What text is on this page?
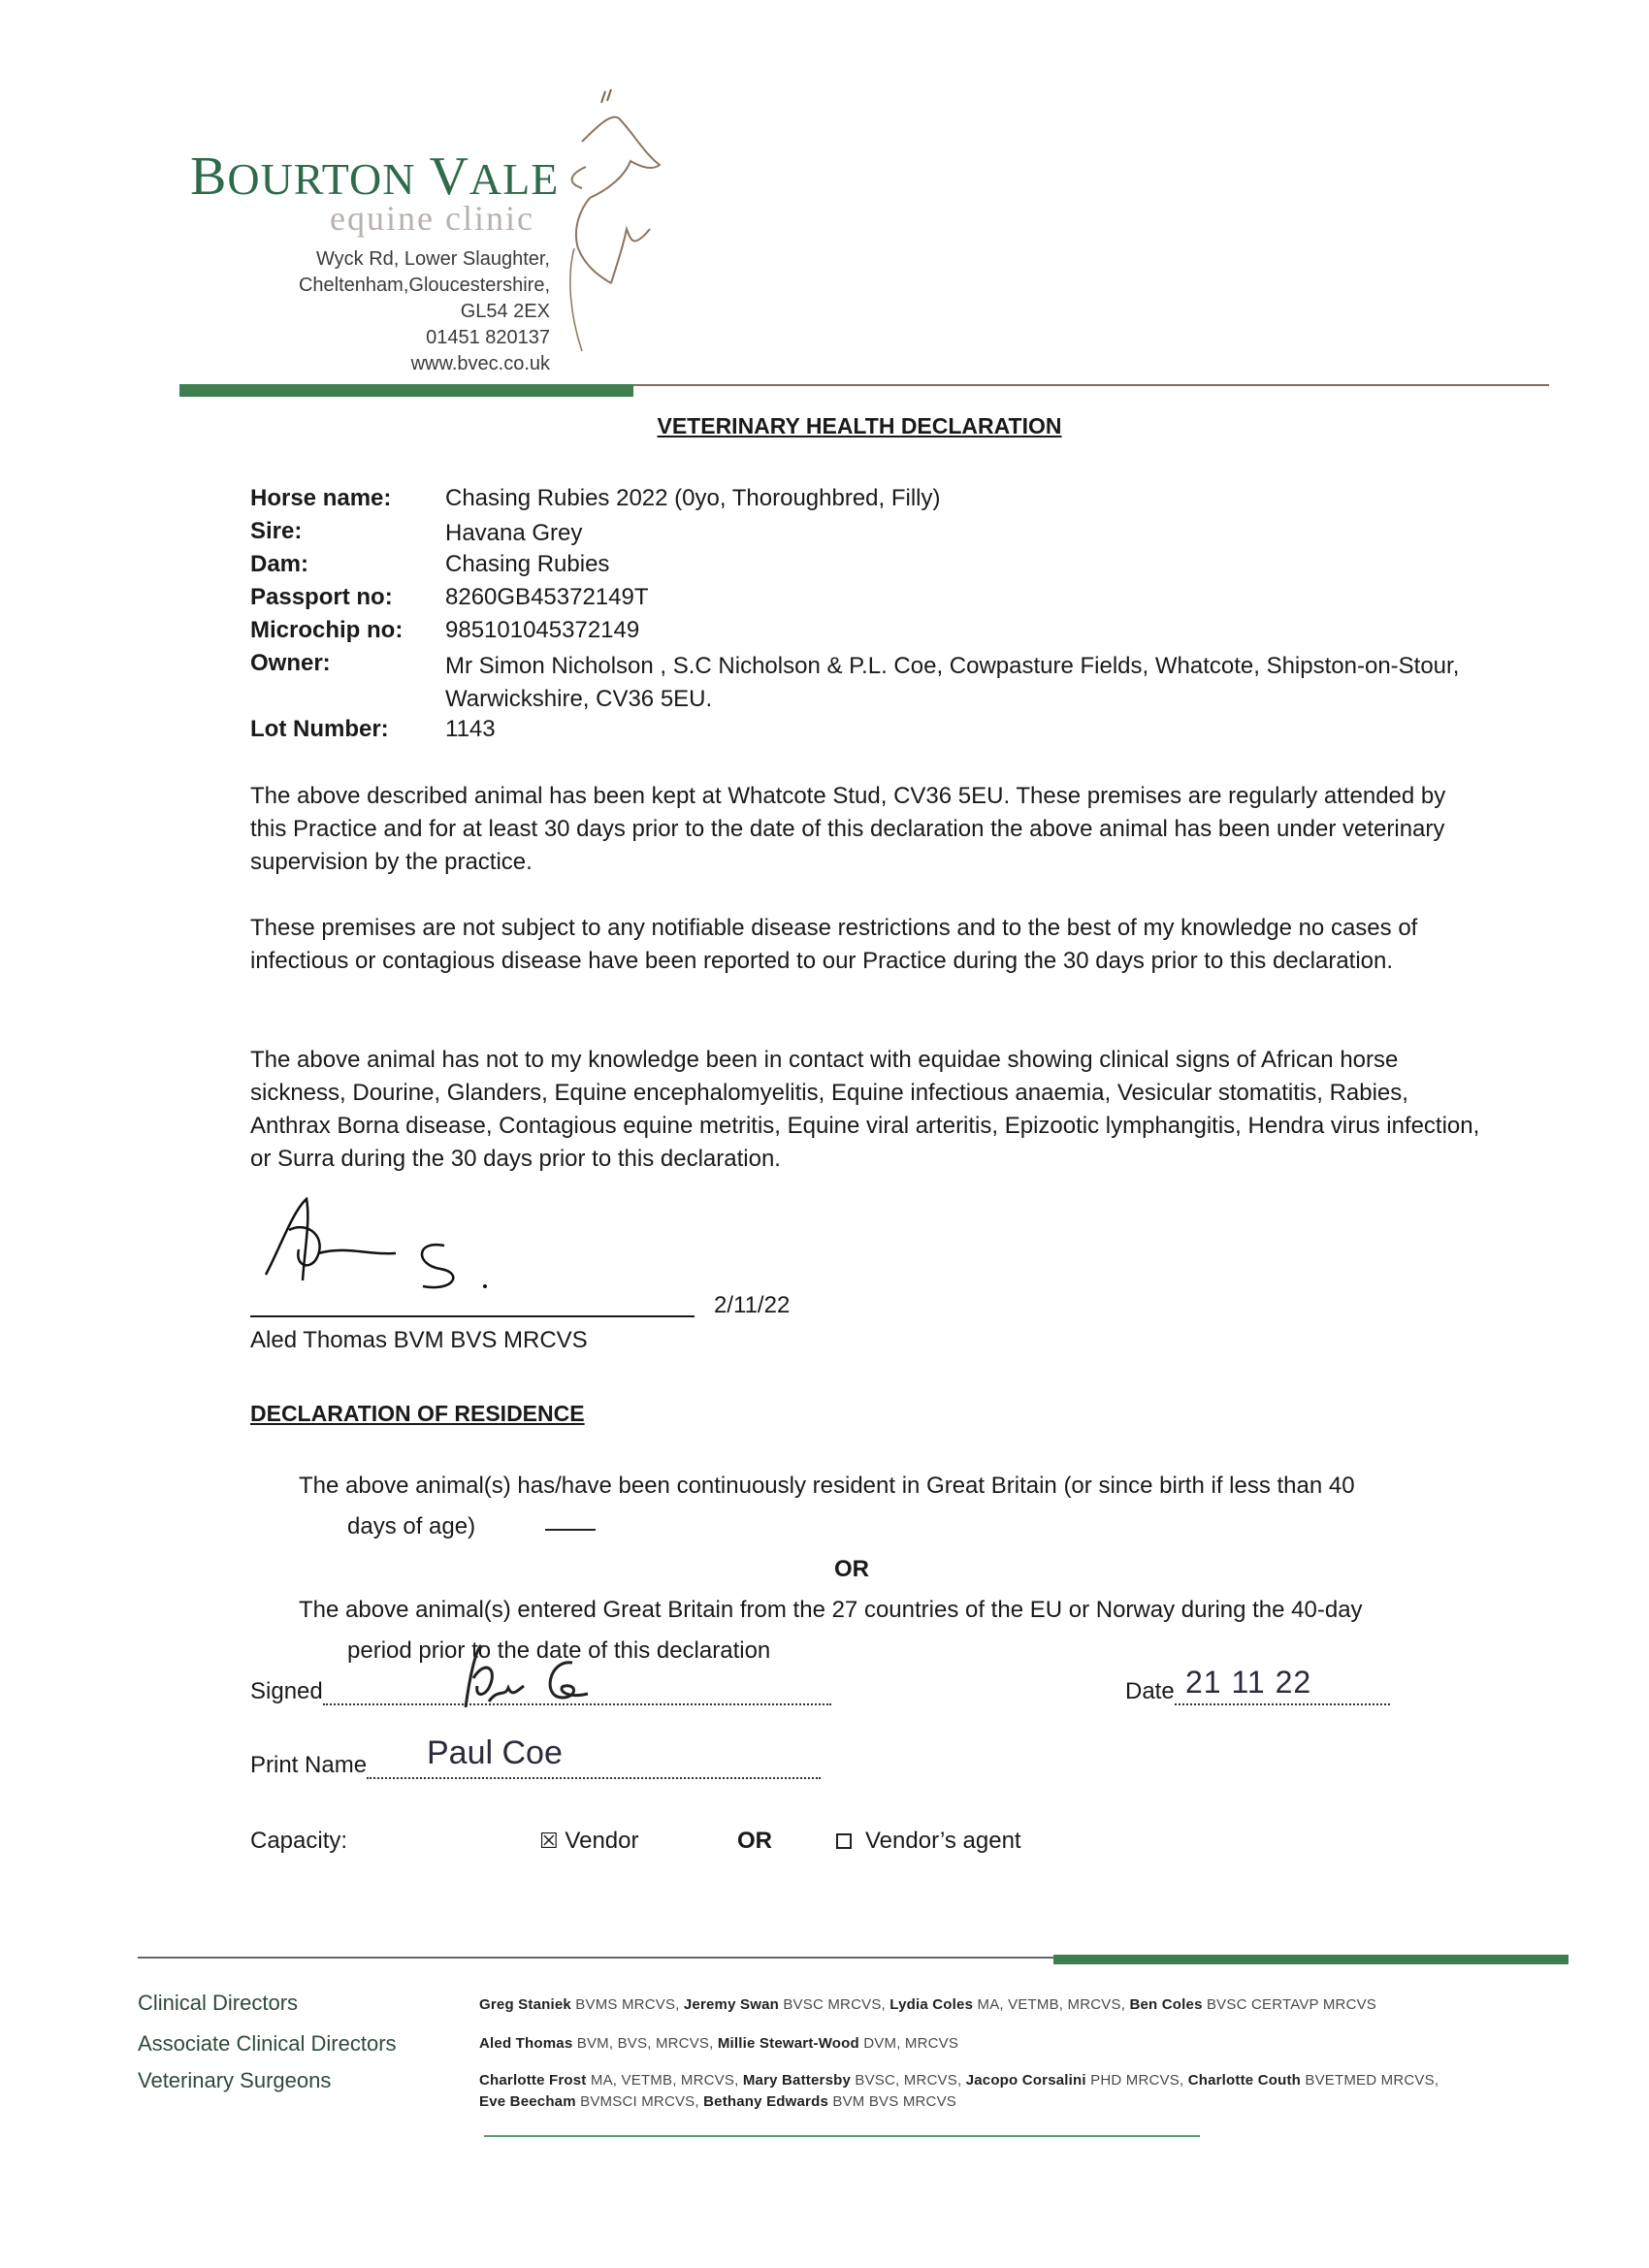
BOURTON VALE
equine clinic
Wyck Rd, Lower Slaughter,
Cheltenham,Gloucestershire,
GL54 2EX
01451 820137
www.bvec.co.uk
VETERINARY HEALTH DECLARATION
Horse name: Chasing Rubies 2022 (0yo, Thoroughbred, Filly)
Sire:	Havana Grey
Dam:	Chasing Rubies
Passport no: 8260GB45372149T
Microchip no: 985101045372149
Owner:	Mr Simon Nicholson , S.C Nicholson & P.L. Coe, Cowpasture Fields, Whatcote, Shipston-on-Stour, Warwickshire, CV36 5EU.
Lot Number: 1143
The above described animal has been kept at Whatcote Stud, CV36 5EU. These premises are regularly attended by this Practice and for at least 30 days prior to the date of this declaration the above animal has been under veterinary supervision by the practice.
These premises are not subject to any notifiable disease restrictions and to the best of my knowledge no cases of infectious or contagious disease have been reported to our Practice during the 30 days prior to this declaration.
The above animal has not to my knowledge been in contact with equidae showing clinical signs of African horse sickness, Dourine, Glanders, Equine encephalomyelitis, Equine infectious anaemia, Vesicular stomatitis, Rabies, Anthrax Borna disease, Contagious equine metritis, Equine viral arteritis, Epizootic lymphangitis, Hendra virus infection, or Surra during the 30 days prior to this declaration.
2/11/22
Aled Thomas BVM BVS MRCVS
DECLARATION OF RESIDENCE
The above animal(s) has/have been continuously resident in Great Britain (or since birth if less than 40
days of age)
OR
The above animal(s) entered Great Britain from the 27 countries of the EU or Norway during the 40-day
period prior to the date of this declaration
Signed	Date 21 11 22
Print Name Paul Coe
Capacity:	☒ Vendor	OR	Vendor’s agent
Clinical Directors	Greg Staniek BVMS MRCVS, Jeremy Swan BVSC MRCVS, Lydia Coles MA, VETMB, MRCVS, Ben Coles BVSC CERTAVP MRCVS
Associate Clinical Directors	Aled Thomas BVM, BVS, MRCVS, Millie Stewart-Wood DVM, MRCVS
Veterinary Surgeons	Charlotte Frost MA, VETMB, MRCVS, Mary Battersby BVSC, MRCVS, Jacopo Corsalini PHD MRCVS, Charlotte Couth BVETMED MRCVS,
Eve Beecham BVMSCI MRCVS, Bethany Edwards BVM BVS MRCVS
